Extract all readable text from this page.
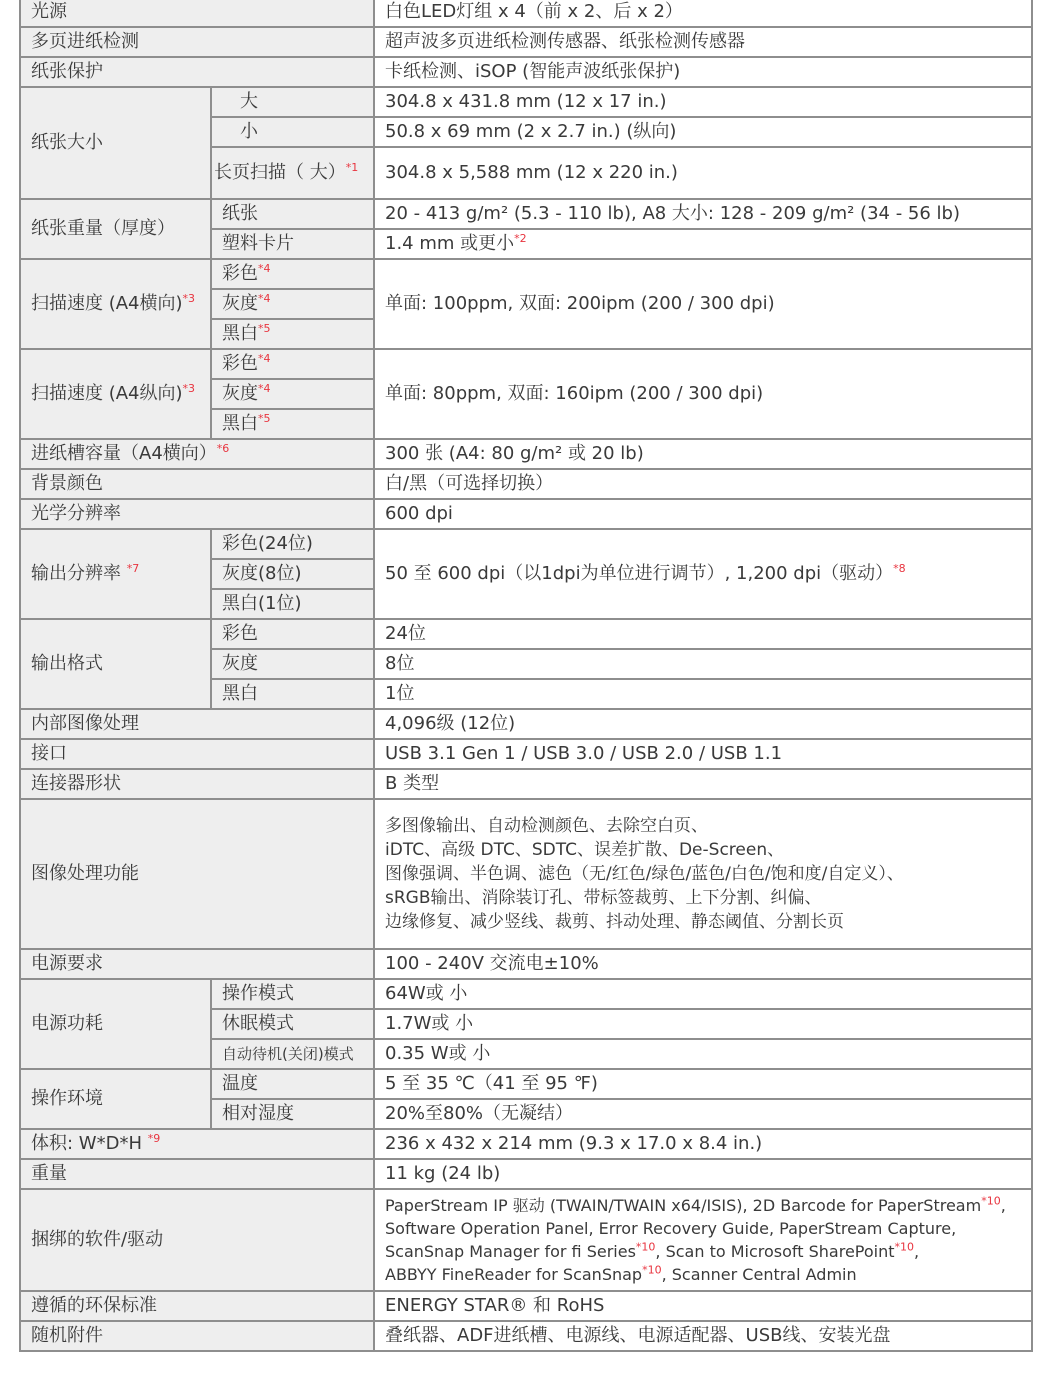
光源		白色LED灯组 x 4（前 x 2、后 x 2）
多页进纸检测		超声波多页进纸检测传感器、纸张检测传感器
纸张保护		卡纸检测、iSOP (智能声波纸张保护)
纸张大小	大	304.8 x 431.8 mm (12 x 17 in.)
	小	50.8 x 69 mm (2 x 2.7 in.) (纵向)
	长页扫描（ 大）$^{*1}$	304.8 x 5,588 mm (12 x 220 in.)
纸张重量（厚度）	纸张	20 - 413 g/m² (5.3 - 110 lb), A8 大小: 128 - 209 g/m² (34 - 56 lb)
	塑料卡片	1.4 mm 或更小$^{*2}$
扫描速度 (A4横向)$^{*3}$	彩色$^{*4}$	单面: 100ppm, 双面: 200ipm (200 / 300 dpi)
	灰度$^{*4}$
	黑白$^{*5}$
扫描速度 (A4纵向)$^{*3}$	彩色$^{*4}$	单面: 80ppm, 双面: 160ipm (200 / 300 dpi)
	灰度$^{*4}$
	黑白$^{*5}$
进纸槽容量（A4横向）$^{*6}$		300 张 (A4: 80 g/m² 或 20 lb)
背景颜色		白/黑（可选择切换）
光学分辨率		600 dpi
输出分辨率 $^{*7}$	彩色(24位)	50 至 600 dpi（以1dpi为单位进行调节）, 1,200 dpi（驱动）$^{*8}$
	灰度(8位)	
	黑白(1位)	
输出格式	彩色	24位
	灰度	8位
	黑白	1位
内部图像处理		4,096级 (12位)
接口		USB 3.1 Gen 1 / USB 3.0 / USB 2.0 / USB 1.1
连接器形状		B 类型
图像处理功能		多图像输出、自动检测颜色、去除空白页、
iDTC、高级 DTC、SDTC、误差扩散、De-Screen、
图像强调、半色调、滤色（无/红色/绿色/蓝色/白色/饱和度/自定义）、
sRGB输出、消除装订孔、带标签裁剪、上下分割、纠偏、
边缘修复、减少竖线、裁剪、抖动处理、静态阈值、分割长页

电源要求		100 - 240V 交流电±10%
电源功耗	操作模式	64W或 小
	休眠模式	1.7W或 小
	自动待机(关闭)模式	0.35 W或 小
操作环境	温度	5 至 35 ℃（41 至 95 ℉)
	相对湿度	20%至80%（无凝结）
体积: W*D*H $^{*9}$		236 x 432 x 214 mm (9.3 x 17.0 x 8.4 in.)
重量		11 kg (24 lb)
捆绑的软件/驱动		PaperStream IP 驱动 (TWAIN/TWAIN x64/ISIS), 2D Barcode for PaperStream$^{*10}$,
Software Operation Panel, Error Recovery Guide, PaperStream Capture,
ScanSnap Manager for fi Series$^{*10}$, Scan to Microsoft SharePoint$^{*10}$,
ABBYY FineReader for ScanSnap$^{*10}$, Scanner Central Admin

遵循的环保标准		ENERGY STAR® 和 RoHS
随机附件		叠纸器、ADF进纸槽、电源线、电源适配器、USB线、安装光盘
